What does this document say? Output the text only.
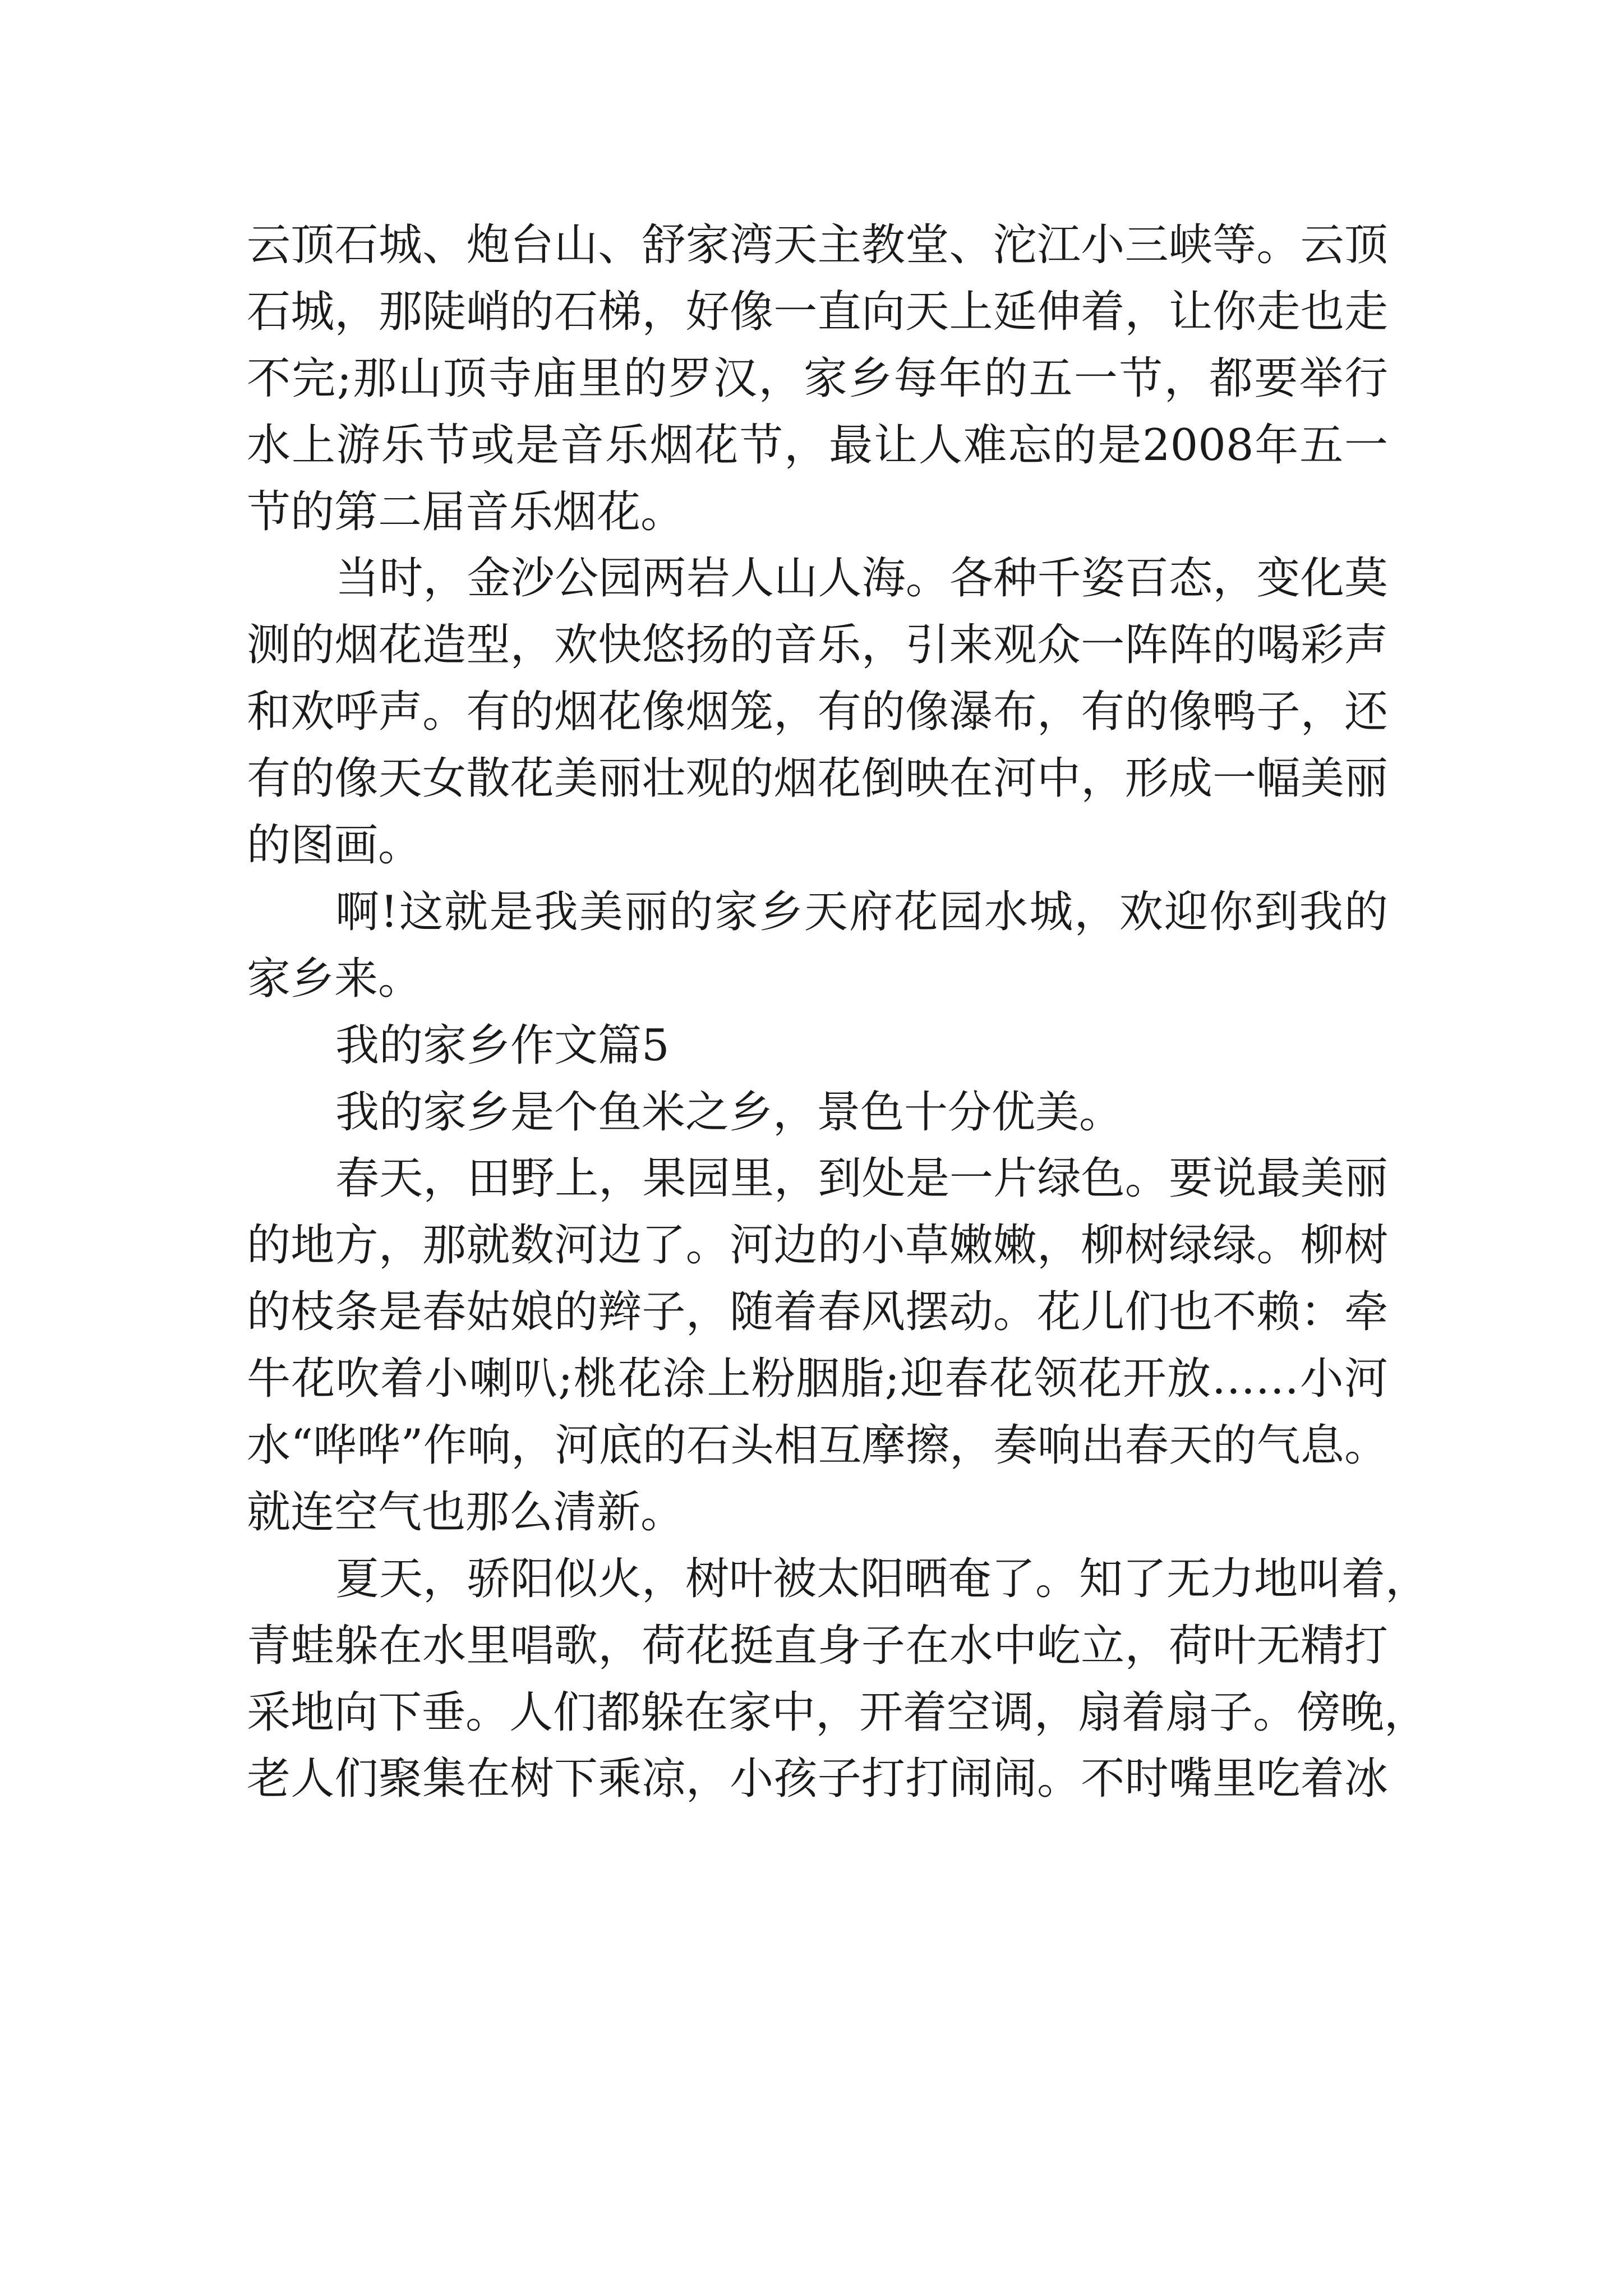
云顶石城、炮台山、舒家湾天主教堂、沱江小三峡等。云顶
石城，那陡峭的石梯，好像一直向天上延伸着，让你走也走
不完;那山顶寺庙里的罗汉，家乡每年的五一节，都要举行
水上游乐节或是音乐烟花节，最让人难忘的是2008年五一
节的第二届音乐烟花。
当时，金沙公园两岩人山人海。各种千姿百态，变化莫
测的烟花造型，欢快悠扬的音乐，引来观众一阵阵的喝彩声
和欢呼声。有的烟花像烟笼，有的像瀑布，有的像鸭子，还
有的像天女散花美丽壮观的烟花倒映在河中，形成一幅美丽
的图画。
啊!这就是我美丽的家乡天府花园水城，欢迎你到我的
家乡来。
我的家乡作文篇5
我的家乡是个鱼米之乡，景色十分优美。
春天，田野上，果园里，到处是一片绿色。要说最美丽
的地方，那就数河边了。河边的小草嫩嫩，柳树绿绿。柳树
的枝条是春姑娘的辫子，随着春风摆动。花儿们也不赖：牵
牛花吹着小喇叭;桃花涂上粉胭脂;迎春花领花开放……小河
水“哗哗”作响，河底的石头相互摩擦，奏响出春天的气息。
就连空气也那么清新。
夏天，骄阳似火，树叶被太阳晒奄了。知了无力地叫着，
青蛙躲在水里唱歌，荷花挺直身子在水中屹立，荷叶无精打
采地向下垂。人们都躲在家中，开着空调，扇着扇子。傍晚，
老人们聚集在树下乘凉，小孩子打打闹闹。不时嘴里吃着冰
